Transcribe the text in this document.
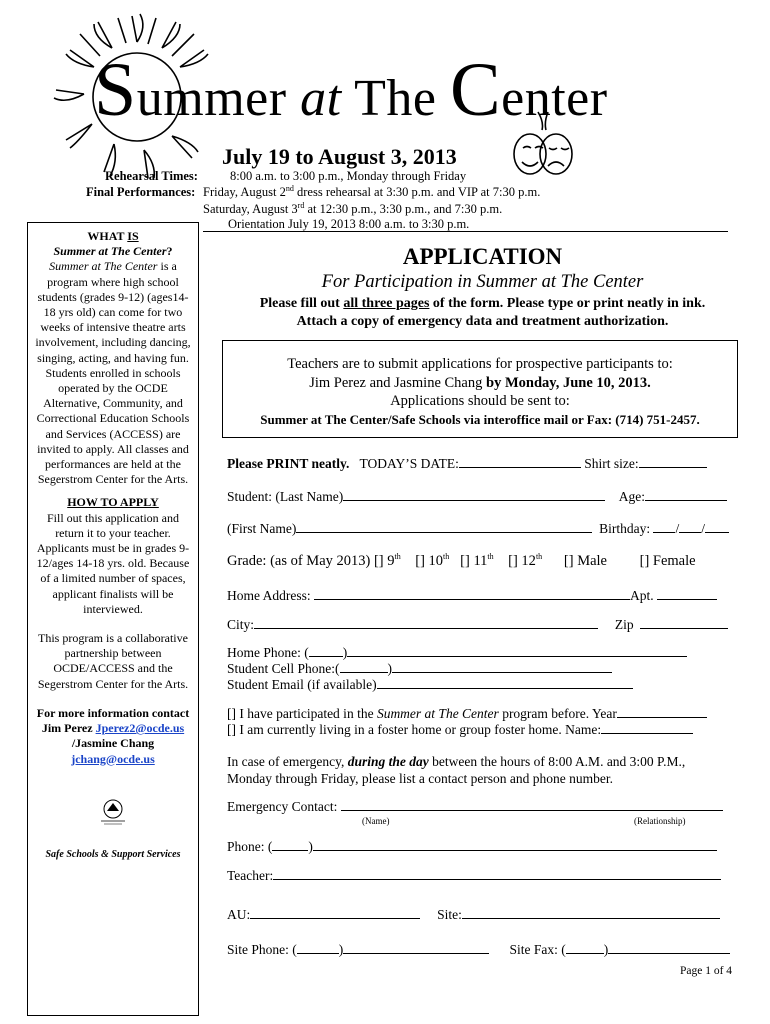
Summer at The Center
July 19 to August 3, 2013
Rehearsal Times:	8:00 a.m. to 3:00 p.m., Monday through Friday
Final Performances: Friday, August 2nd dress rehearsal at 3:30 p.m. and VIP at 7:30 p.m.
Saturday, August 3rd at 12:30 p.m., 3:30 p.m., and 7:30 p.m.
Orientation July 19, 2013 8:00 a.m. to 3:30 p.m.

WHAT IS

Summer at The Center?

Summer at The Center is a program where high school students (grades 9-12) (ages14-18 yrs old) can come for two weeks of intensive theatre arts involvement, including dancing, singing, acting, and having fun. Students enrolled in schools operated by the OCDE Alternative, Community, and Correctional Education Schools and Services (ACCESS) are invited to apply. All classes and performances are held at the Segerstrom Center for the Arts.

HOW TO APPLY

Fill out this application and return it to your teacher. Applicants must be in grades 9-12/ages 14-18 yrs. old. Because of a limited number of spaces, applicant finalists will be interviewed.

This program is a collaborative partnership between OCDE/ACCESS and the Segerstrom Center for the Arts.

For more information contact Jim Perez Jperez2@ocde.us /Jasmine Chang jchang@ocde.us

Safe Schools & Support Services

APPLICATION
For Participation in Summer at The Center
Please fill out all three pages of the form. Please type or print neatly in ink.
Attach a copy of emergency data and treatment authorization.
Teachers are to submit applications for prospective participants to:
Jim Perez and Jasmine Chang by Monday, June 10, 2013.
Applications should be sent to:
Summer at The Center/Safe Schools via interoffice mail or Fax: (714) 751-2457.
Please PRINT neatly. TODAY’S DATE:	Shirt size:
Student: (Last Name)	Age:
(First Name)	Birthday: / /
Grade: (as of May 2013) [] 9th [] 10th [] 11th [] 12th [] Male [] Female
Home Address:	Apt.
City:	Zip
Home Phone: (	)
Student Cell Phone:(	)
Student Email (if available)
[] I have participated in the Summer at The Center program before. Year
[] I am currently living in a foster home or group foster home. Name:
In case of emergency, during the day between the hours of 8:00 A.M. and 3:00 P.M.,
Monday through Friday, please list a contact person and phone number.
Emergency Contact:
(Name)	(Relationship)
Phone: (	)
Teacher:
AU:	Site:
Site Phone: (	)	Site Fax: (	)
Page 1 of 4
